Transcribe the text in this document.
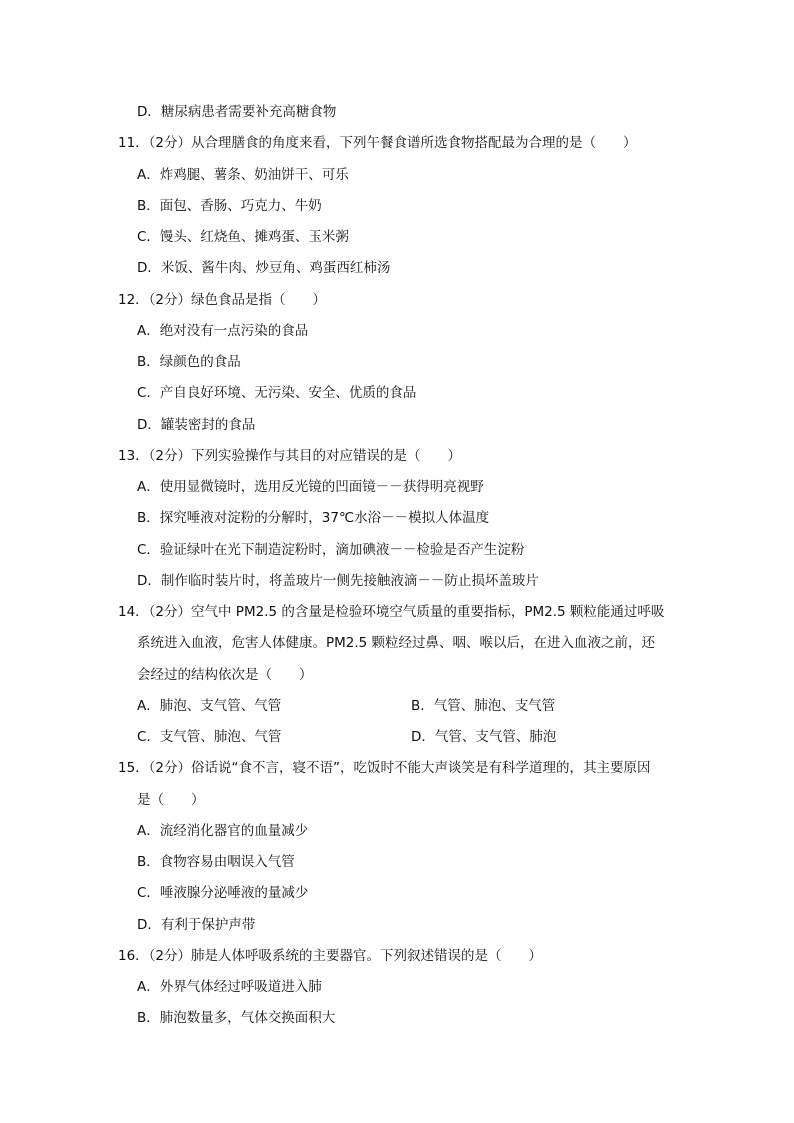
D．糖尿病患者需要补充高糖食物
11．（2分）从合理膳食的角度来看，下列午餐食谱所选食物搭配最为合理的是（　　）
A．炸鸡腿、薯条、奶油饼干、可乐
B．面包、香肠、巧克力、牛奶
C．馒头、红烧鱼、摊鸡蛋、玉米粥
D．米饭、酱牛肉、炒豆角、鸡蛋西红柿汤
12．（2分）绿色食品是指（　　）
A．绝对没有一点污染的食品
B．绿颜色的食品
C．产自良好环境、无污染、安全、优质的食品
D．罐装密封的食品
13．（2分）下列实验操作与其目的对应错误的是（　　）
A．使用显微镜时，选用反光镜的凹面镜－－获得明亮视野
B．探究唾液对淀粉的分解时，37℃水浴－－模拟人体温度
C．验证绿叶在光下制造淀粉时，滴加碘液－－检验是否产生淀粉
D．制作临时装片时，将盖玻片一侧先接触液滴－－防止损坏盖玻片
14．（2分）空气中 PM2.5 的含量是检验环境空气质量的重要指标，PM2.5 颗粒能通过呼吸
系统进入血液，危害人体健康。PM2.5 颗粒经过鼻、咽、喉以后，在进入血液之前，还
会经过的结构依次是（　　）
A．肺泡、支气管、气管	B．气管、肺泡、支气管
C．支气管、肺泡、气管	D．气管、支气管、肺泡
15．（2分）俗话说“食不言，寝不语”，吃饭时不能大声谈笑是有科学道理的，其主要原因
是（　　）
A．流经消化器官的血量减少
B．食物容易由咽误入气管
C．唾液腺分泌唾液的量减少
D．有利于保护声带
16．（2分）肺是人体呼吸系统的主要器官。下列叙述错误的是（　　）
A．外界气体经过呼吸道进入肺
B．肺泡数量多，气体交换面积大
